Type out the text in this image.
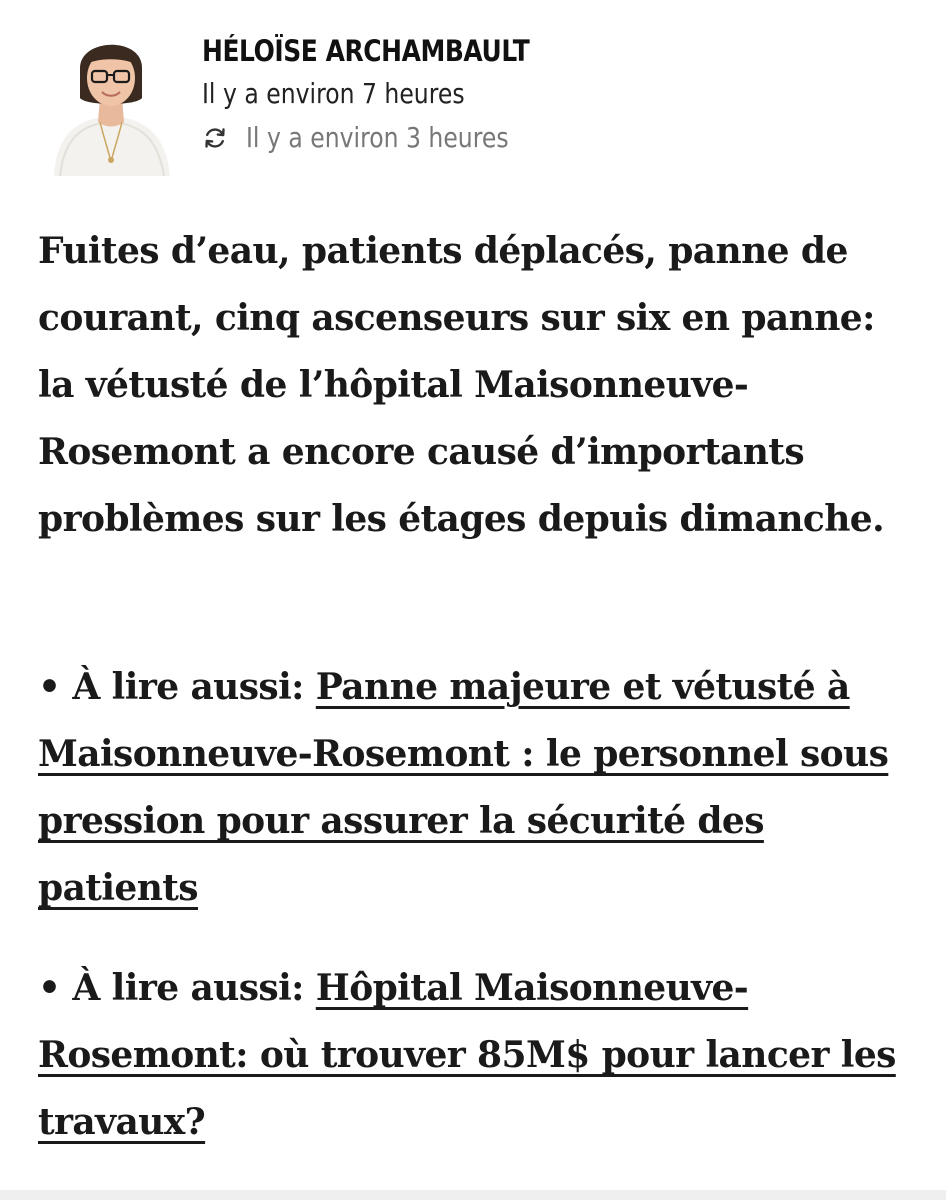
HÉLOÏSE ARCHAMBAULT
Il y a environ 7 heures
Il y a environ 3 heures

Fuites d’eau, patients déplacés, panne de courant, cinq ascenseurs sur six en panne: la vétusté de l’hôpital Maisonneuve-Rosemont a encore causé d’importants problèmes sur les étages depuis dimanche.

• À lire aussi: Panne majeure et vétusté à Maisonneuve-Rosemont : le personnel sous pression pour assurer la sécurité des patients

• À lire aussi: Hôpital Maisonneuve-Rosemont: où trouver 85M$ pour lancer les travaux?
